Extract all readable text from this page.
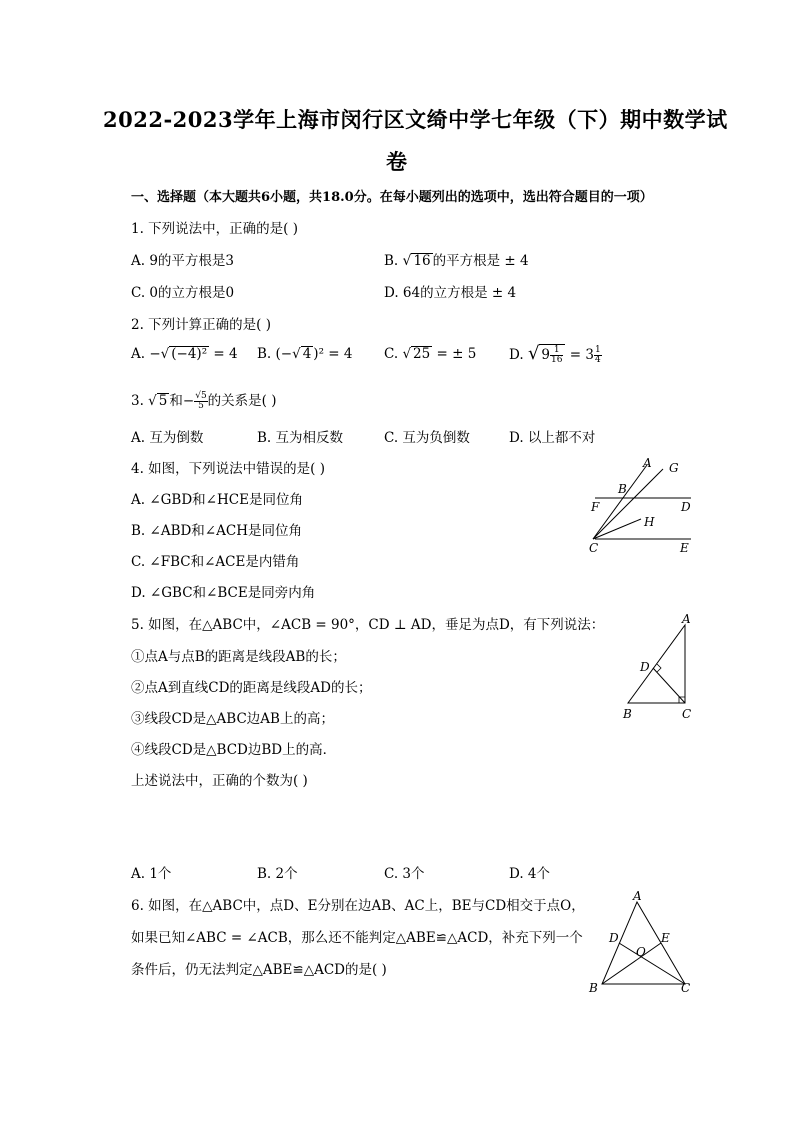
2022-2023学年上海市闵行区文绮中学七年级（下）期中数学试
卷
一、选择题（本大题共6小题，共18.0分。在每小题列出的选项中，选出符合题目的一项）
1. 下列说法中，正确的是( )
A. 9的平方根是3	B. √ 16 的平方根是 ± 4
C. 0的立方根是0	D. 64的立方根是 ± 4
2. 下列计算正确的是( )
A. −√ (−4)² = 4 B. (−√ 4 )² = 4 C. √ 25 = ± 5 D. √ $9 \frac{1}{16} = 3 \frac{1}{4}$
3. √ 5 和− $\frac{√5}{5}$ 的关系是( )
A. 互为倒数	B. 互为相反数	C. 互为负倒数	D. 以上都不对
4. 如图，下列说法中错误的是( )
A. ∠GBD和∠HCE是同位角
B. ∠ABD和∠ACH是同位角
C. ∠FBC和∠ACE是内错角
D. ∠GBC和∠BCE是同旁内角
A G
B
F	D
H
C	E
5. 如图，在△ABC中，∠ACB = 90°，CD ⊥ AD，垂足为点D，有下列说法：
①点A与点B的距离是线段AB的长；
②点A到直线CD的距离是线段AD的长；
③线段CD是△ABC边AB上的高；
④线段CD是△BCD边BD上的高．
上述说法中，正确的个数为( )
A. 1个	B. 2个	C. 3个	D. 4个
A
D
B	C
6. 如图，在△ABC中，点D、E分别在边AB、AC上，BE与CD相交于点O，
如果已知∠ABC = ∠ACB，那么还不能判定△ABE≌△ACD，补充下列一个
条件后，仍无法判定△ABE≌△ACD的是( )
A
D
O
E
B	C
